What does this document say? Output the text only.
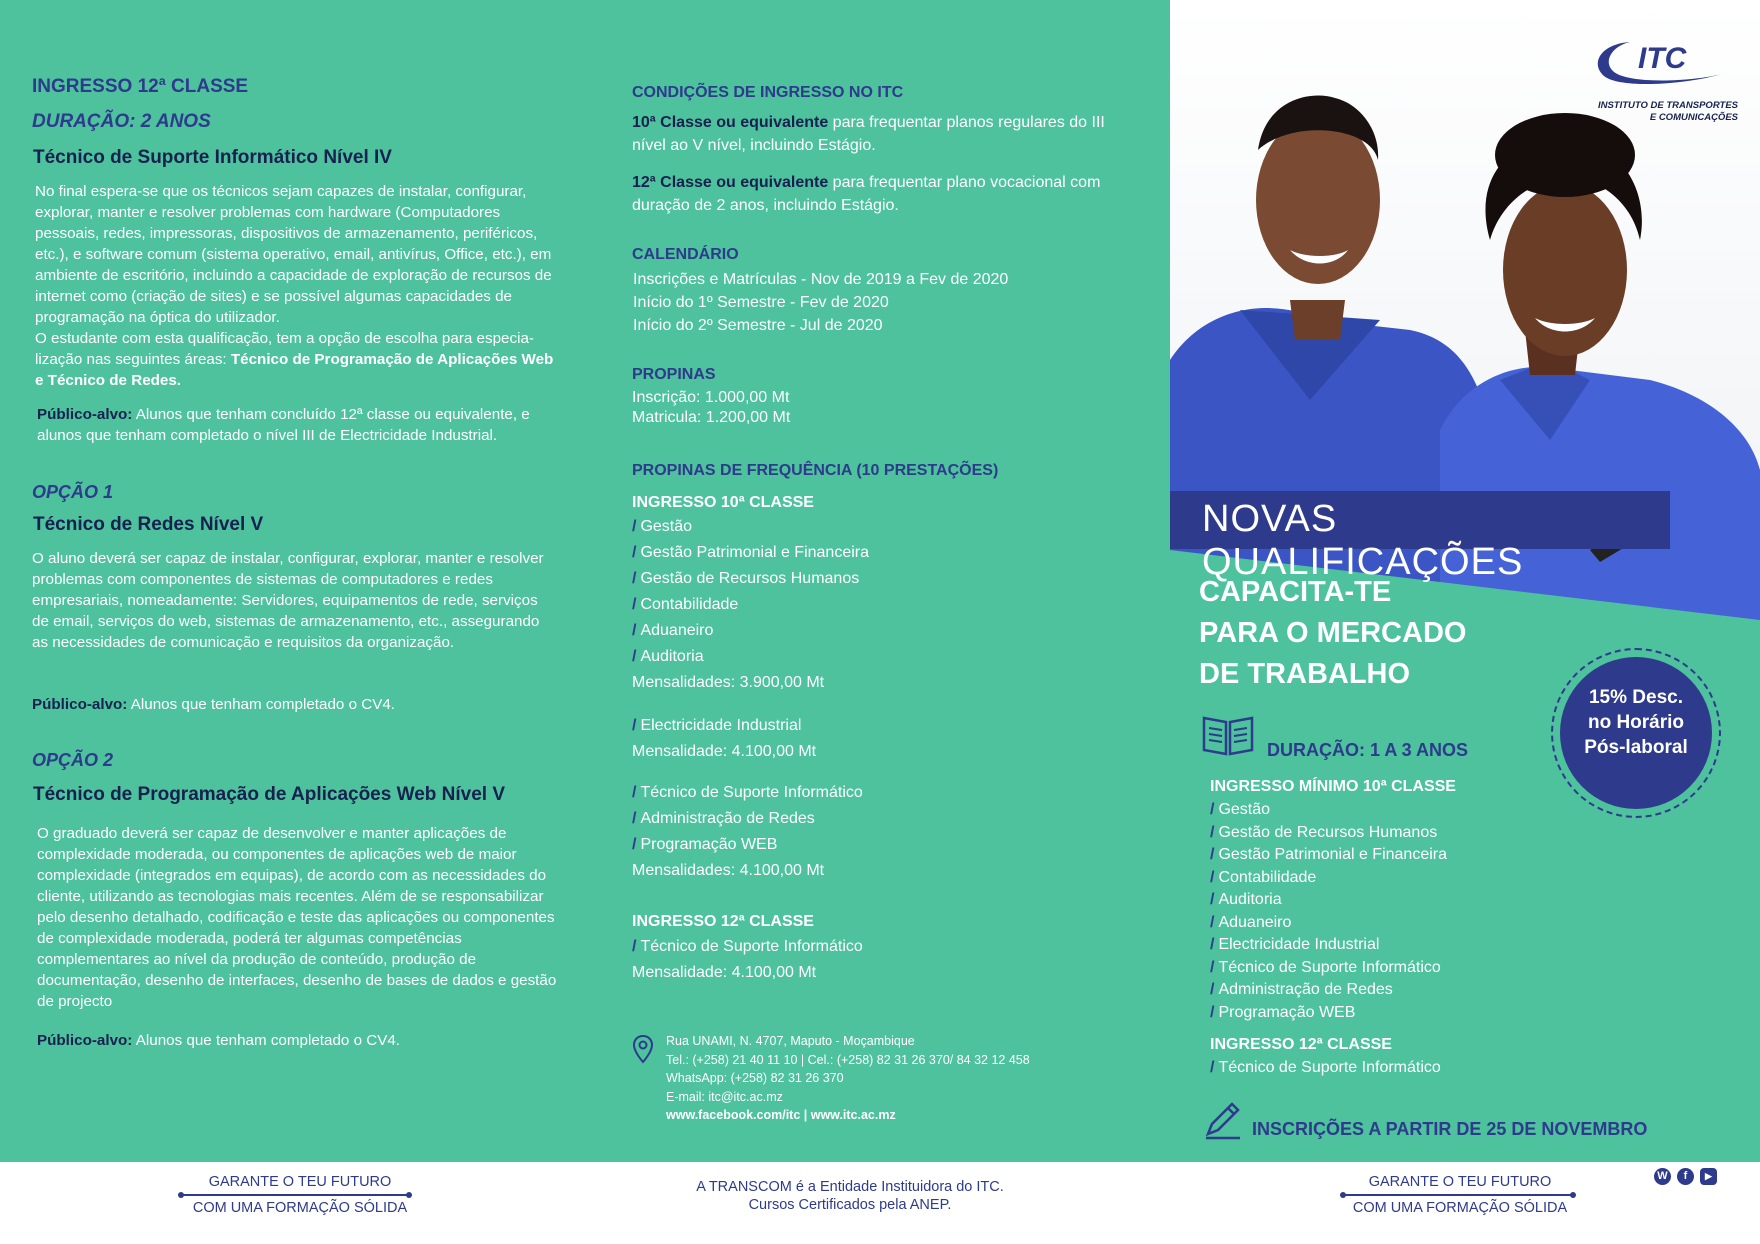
INGRESSO 12ª CLASSE
DURAÇÃO: 2 ANOS
Técnico de Suporte Informático Nível IV
No final espera-se que os técnicos sejam capazes de instalar, configurar, explorar, manter e resolver problemas com hardware (Computadores pessoais, redes, impressoras, dispositivos de armazenamento, periféricos, etc.), e software comum (sistema operativo, email, antivírus, Office, etc.), em ambiente de escritório, incluindo a capacidade de exploração de recursos de internet como (criação de sites) e se possível algumas capacidades de programação na óptica do utilizador.
O estudante com esta qualificação, tem a opção de escolha para especia-lização nas seguintes áreas: Técnico de Programação de Aplicações Web e Técnico de Redes.
Público-alvo: Alunos que tenham concluído 12ª classe ou equivalente, e alunos que tenham completado o nível III de Electricidade Industrial.
OPÇÃO 1
Técnico de Redes Nível V
O aluno deverá ser capaz de instalar, configurar, explorar, manter e resolver problemas com componentes de sistemas de computadores e redes empresariais, nomeadamente: Servidores, equipamentos de rede, serviços de email, serviços do web, sistemas de armazenamento, etc., assegurando as necessidades de comunicação e requisitos da organização.
Público-alvo: Alunos que tenham completado o CV4.
OPÇÃO 2
Técnico de Programação de Aplicações Web Nível V
O graduado deverá ser capaz de desenvolver e manter aplicações de complexidade moderada, ou componentes de aplicações web de maior complexidade (integrados em equipas), de acordo com as necessidades do cliente, utilizando as tecnologias mais recentes. Além de se responsabilizar pelo desenho detalhado, codificação e teste das aplicações ou componentes de complexidade moderada, poderá ter algumas competências complementares ao nível da produção de conteúdo, produção de documentação, desenho de interfaces, desenho de bases de dados e gestão de projecto
Público-alvo: Alunos que tenham completado o CV4.
CONDIÇÕES DE INGRESSO NO ITC
10ª Classe ou equivalente para frequentar planos regulares do III nível ao V nível, incluindo Estágio.
12ª Classe ou equivalente para frequentar plano vocacional com duração de 2 anos, incluindo Estágio.
CALENDÁRIO
Inscrições e Matrículas - Nov de 2019 a Fev de 2020
Início do 1º Semestre - Fev de 2020
Início do 2º Semestre - Jul de 2020
PROPINAS
Inscrição: 1.000,00 Mt
Matricula: 1.200,00 Mt
PROPINAS DE FREQUÊNCIA (10 PRESTAÇÕES)
INGRESSO 10ª CLASSE
/ Gestão
/ Gestão Patrimonial e Financeira
/ Gestão de Recursos Humanos
/ Contabilidade
/ Aduaneiro
/ Auditoria
Mensalidades: 3.900,00 Mt
/ Electricidade Industrial
Mensalidade: 4.100,00 Mt
/ Técnico de Suporte Informático
/ Administração de Redes
/ Programação WEB
Mensalidades: 4.100,00 Mt
INGRESSO 12ª CLASSE
/ Técnico de Suporte Informático
Mensalidade: 4.100,00 Mt
Rua UNAMI, N. 4707, Maputo - Moçambique
Tel.: (+258) 21 40 11 10 | Cel.: (+258) 82 31 26 370/ 84 32 12 458
WhatsApp: (+258) 82 31 26 370
E-mail: itc@itc.ac.mz
www.facebook.com/itc | www.itc.ac.mz
ITC
INSTITUTO DE TRANSPORTES
E COMUNICAÇÕES
NOVAS QUALIFICAÇÕES
CAPACITA-TE
PARA O MERCADO
DE TRABALHO
15% Desc.
no Horário
Pós-laboral
DURAÇÃO: 1 A 3 ANOS
INGRESSO MÍNIMO 10ª CLASSE
/ Gestão
/ Gestão de Recursos Humanos
/ Gestão Patrimonial e Financeira
/ Contabilidade
/ Auditoria
/ Aduaneiro
/ Electricidade Industrial
/ Técnico de Suporte Informático
/ Administração de Redes
/ Programação WEB
INGRESSO 12ª CLASSE
/ Técnico de Suporte Informático
INSCRIÇÕES A PARTIR DE 25 DE NOVEMBRO
GARANTE O TEU FUTURO
COM UMA FORMAÇÃO SÓLIDA
A TRANSCOM é a Entidade Instituidora do ITC.
Cursos Certificados pela ANEP.
GARANTE O TEU FUTURO
COM UMA FORMAÇÃO SÓLIDA
W	f	▶
